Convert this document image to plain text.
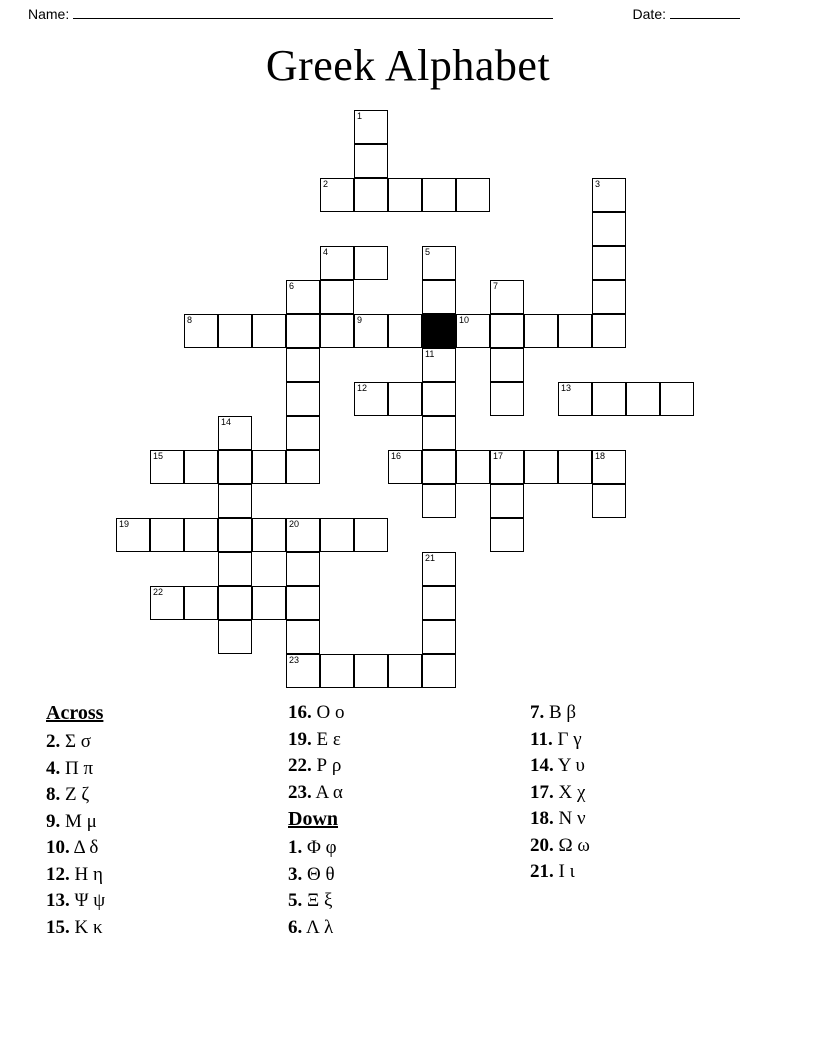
Name:	Date:
Greek Alphabet
1
2	3
4	5
6	7
8	9	10
11
12	13
14
15	16	17	18
19	20
21
22
23
Across
2. Σ σ
4. Π π
8. Ζ ζ
9. Μ μ
10. Δ δ
12. Η η
13. Ψ ψ
15. Κ κ
16. Ο ο
19. Ε ε
22. Ρ ρ
23. Α α
Down
1. Φ φ
3. Θ θ
5. Ξ ξ
6. Λ λ
7. Β β
11. Γ γ
14. Υ υ
17. Χ χ
18. Ν ν
20. Ω ω
21. Ι ι
